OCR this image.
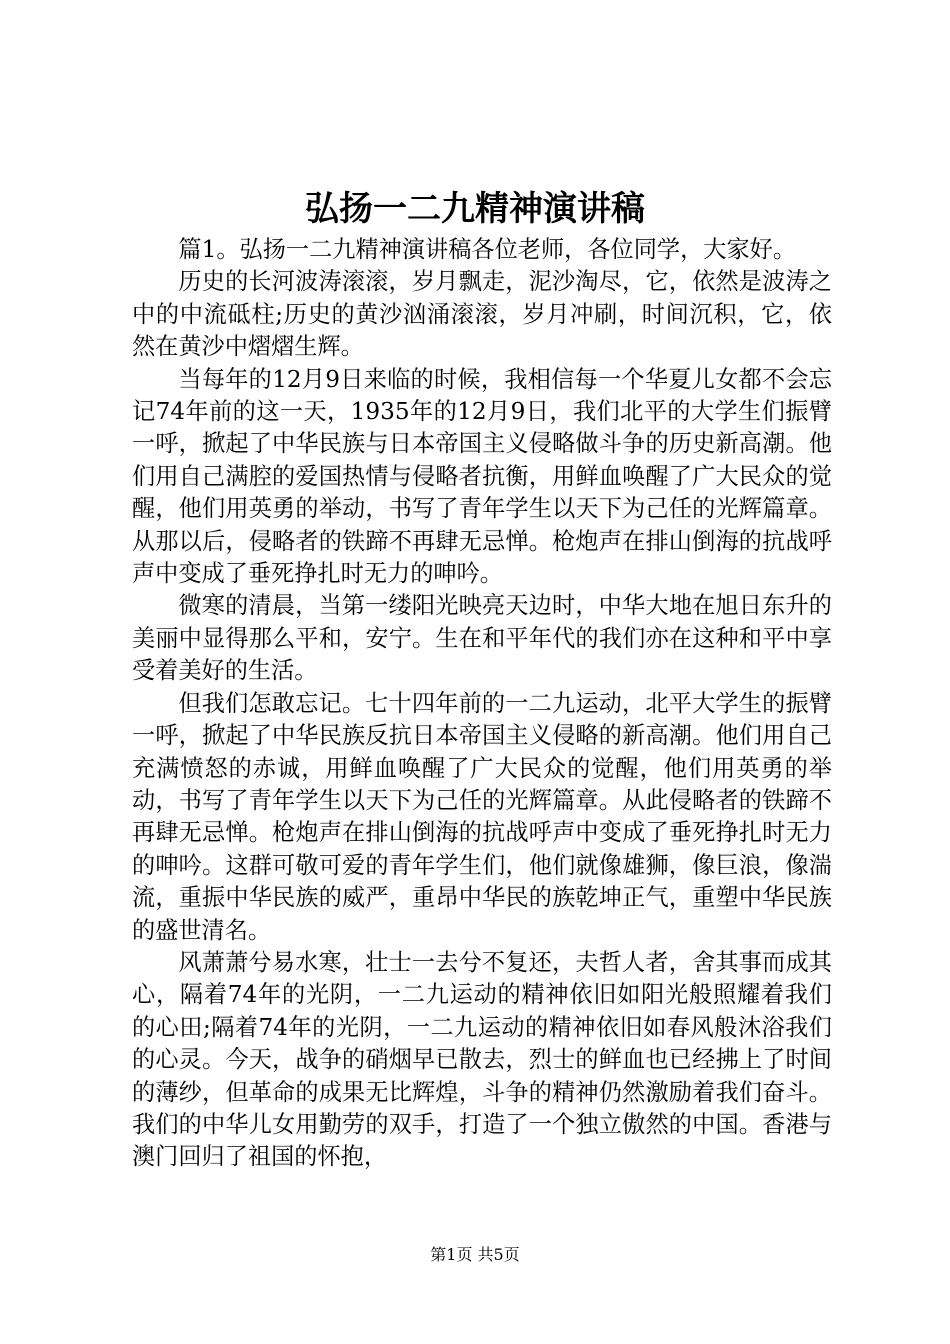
弘扬一二九精神演讲稿

篇1。弘扬一二九精神演讲稿各位老师，各位同学，大家好。

历史的长河波涛滚滚，岁月飘走，泥沙淘尽，它，依然是波涛之中的中流砥柱;历史的黄沙汹涌滚滚，岁月冲刷，时间沉积，它，依然在黄沙中熠熠生辉。

当每年的12月9日来临的时候，我相信每一个华夏儿女都不会忘记74年前的这一天，1935年的12月9日，我们北平的大学生们振臂一呼，掀起了中华民族与日本帝国主义侵略做斗争的历史新高潮。他们用自己满腔的爱国热情与侵略者抗衡，用鲜血唤醒了广大民众的觉醒，他们用英勇的举动，书写了青年学生以天下为己任的光辉篇章。从那以后，侵略者的铁蹄不再肆无忌惮。枪炮声在排山倒海的抗战呼声中变成了垂死挣扎时无力的呻吟。

微寒的清晨，当第一缕阳光映亮天边时，中华大地在旭日东升的美丽中显得那么平和，安宁。生在和平年代的我们亦在这种和平中享受着美好的生活。

但我们怎敢忘记。七十四年前的一二九运动，北平大学生的振臂一呼，掀起了中华民族反抗日本帝国主义侵略的新高潮。他们用自己充满愤怒的赤诚，用鲜血唤醒了广大民众的觉醒，他们用英勇的举动，书写了青年学生以天下为己任的光辉篇章。从此侵略者的铁蹄不再肆无忌惮。枪炮声在排山倒海的抗战呼声中变成了垂死挣扎时无力的呻吟。这群可敬可爱的青年学生们，他们就像雄狮，像巨浪，像湍流，重振中华民族的威严，重昂中华民的族乾坤正气，重塑中华民族的盛世清名。

风萧萧兮易水寒，壮士一去兮不复还，夫哲人者，舍其事而成其心，隔着74年的光阴，一二九运动的精神依旧如阳光般照耀着我们的心田;隔着74年的光阴，一二九运动的精神依旧如春风般沐浴我们的心灵。今天，战争的硝烟早已散去，烈士的鲜血也已经拂上了时间的薄纱，但革命的成果无比辉煌，斗争的精神仍然激励着我们奋斗。我们的中华儿女用勤劳的双手，打造了一个独立傲然的中国。香港与澳门回归了祖国的怀抱，

第1页 共5页
